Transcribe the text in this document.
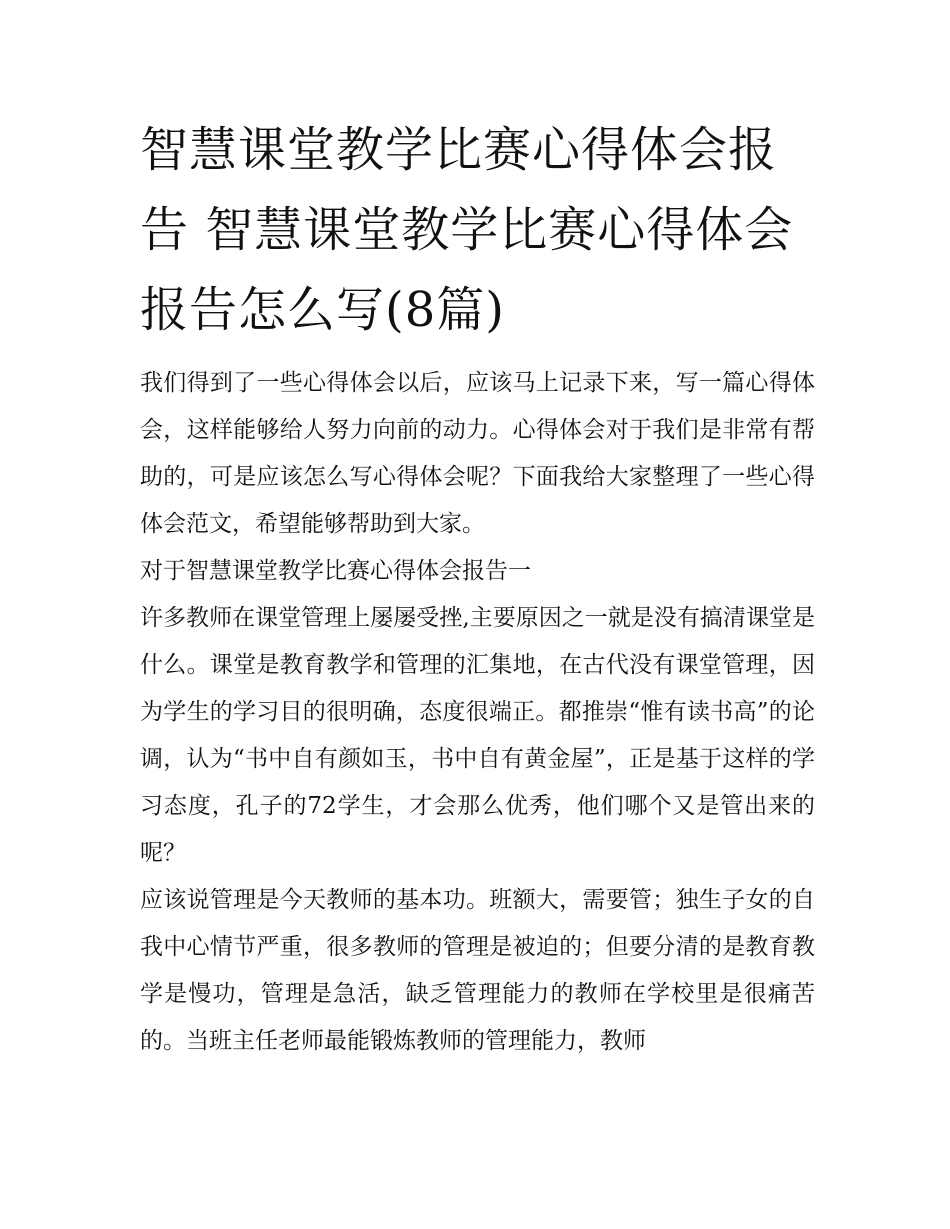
智慧课堂教学比赛心得体会报告 智慧课堂教学比赛心得体会报告怎么写(8篇)

我们得到了一些心得体会以后，应该马上记录下来，写一篇心得体会，这样能够给人努力向前的动力。心得体会对于我们是非常有帮助的，可是应该怎么写心得体会呢？下面我给大家整理了一些心得体会范文，希望能够帮助到大家。

对于智慧课堂教学比赛心得体会报告一

许多教师在课堂管理上屡屡受挫,主要原因之一就是没有搞清课堂是什么。课堂是教育教学和管理的汇集地，在古代没有课堂管理，因为学生的学习目的很明确，态度很端正。都推崇“惟有读书高”的论调，认为“书中自有颜如玉，书中自有黄金屋”，正是基于这样的学习态度，孔子的72学生，才会那么优秀，他们哪个又是管出来的呢？

应该说管理是今天教师的基本功。班额大，需要管；独生子女的自我中心情节严重，很多教师的管理是被迫的；但要分清的是教育教学是慢功，管理是急活，缺乏管理能力的教师在学校里是很痛苦的。当班主任老师最能锻炼教师的管理能力，教师
